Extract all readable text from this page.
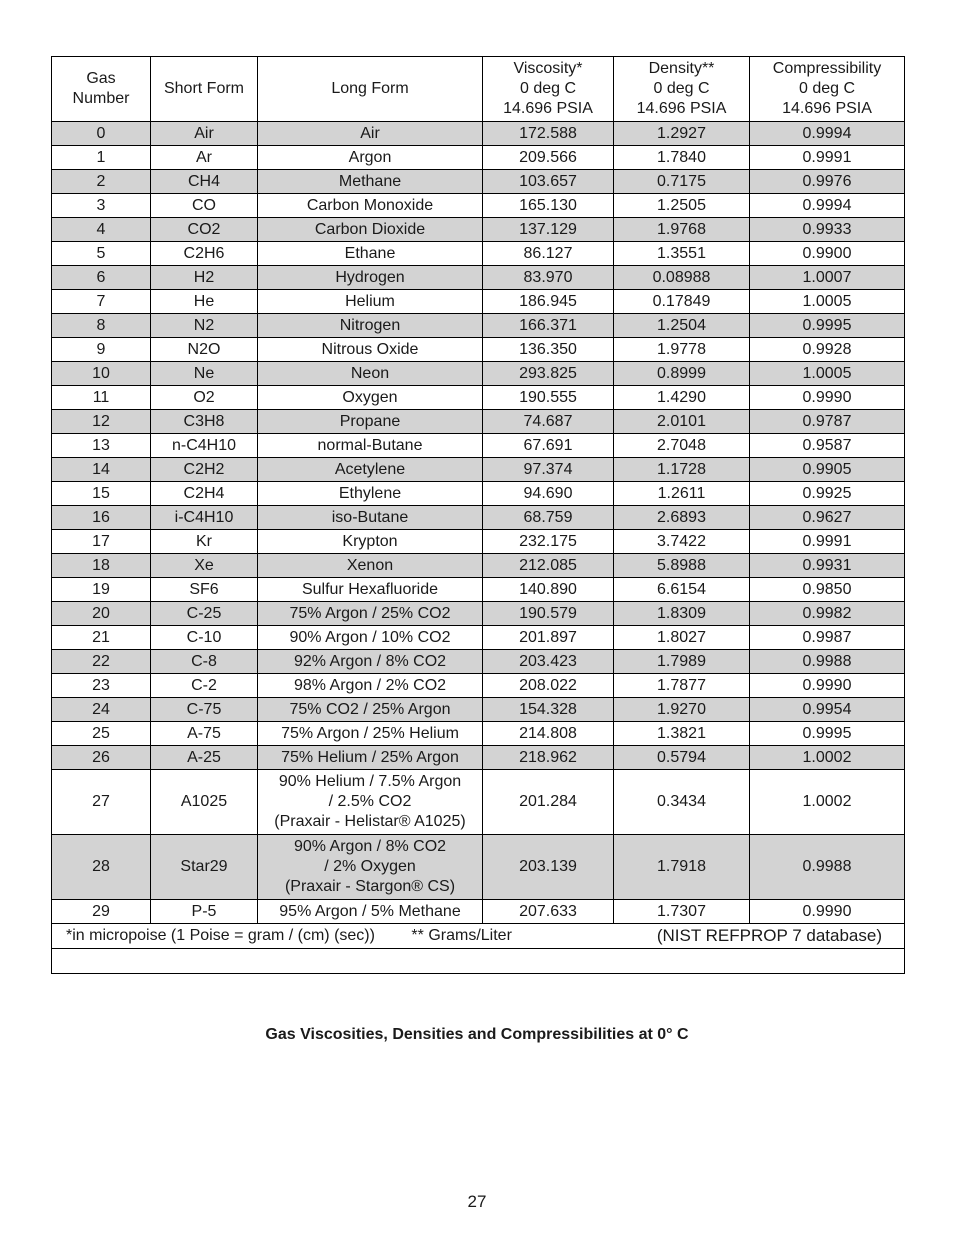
Gas
Number	Short Form	Long Form	Viscosity*
0 deg C
14.696 PSIA	Density**
0 deg C
14.696 PSIA	Compressibility
0 deg C
14.696 PSIA

0	Air	Air	172.588	1.2927	0.9994
1	Ar	Argon	209.566	1.7840	0.9991
2	CH4	Methane	103.657	0.7175	0.9976
3	CO	Carbon Monoxide	165.130	1.2505	0.9994
4	CO2	Carbon Dioxide	137.129	1.9768	0.9933
5	C2H6	Ethane	86.127	1.3551	0.9900
6	H2	Hydrogen	83.970	0.08988	1.0007
7	He	Helium	186.945	0.17849	1.0005
8	N2	Nitrogen	166.371	1.2504	0.9995
9	N2O	Nitrous Oxide	136.350	1.9778	0.9928
10	Ne	Neon	293.825	0.8999	1.0005
11	O2	Oxygen	190.555	1.4290	0.9990
12	C3H8	Propane	74.687	2.0101	0.9787
13	n-C4H10	normal-Butane	67.691	2.7048	0.9587
14	C2H2	Acetylene	97.374	1.1728	0.9905
15	C2H4	Ethylene	94.690	1.2611	0.9925
16	i-C4H10	iso-Butane	68.759	2.6893	0.9627
17	Kr	Krypton	232.175	3.7422	0.9991
18	Xe	Xenon	212.085	5.8988	0.9931
19	SF6	Sulfur Hexafluoride	140.890	6.6154	0.9850
20	C-25	75% Argon / 25% CO2	190.579	1.8309	0.9982
21	C-10	90% Argon / 10% CO2	201.897	1.8027	0.9987
22	C-8	92% Argon / 8% CO2	203.423	1.7989	0.9988
23	C-2	98% Argon / 2% CO2	208.022	1.7877	0.9990
24	C-75	75% CO2 / 25% Argon	154.328	1.9270	0.9954
25	A-75	75% Argon / 25% Helium	214.808	1.3821	0.9995
26	A-25	75% Helium / 25% Argon	218.962	0.5794	1.0002
27	A1025	90% Helium / 7.5% Argon
/ 2.5% CO2
(Praxair - Helistar® A1025)	201.284	0.3434	1.0002
28	Star29	90% Argon / 8% CO2
/ 2% Oxygen
(Praxair - Stargon® CS)	203.139	1.7918	0.9988
29	P-5	95% Argon / 5% Methane	207.633	1.7307	0.9990
*in micropoise (1 Poise = gram / (cm) (sec)) ** Grams/Liter (NIST REFPROP 7 database)					

Gas Viscosities, Densities and Compressibilities at 0° C
27
